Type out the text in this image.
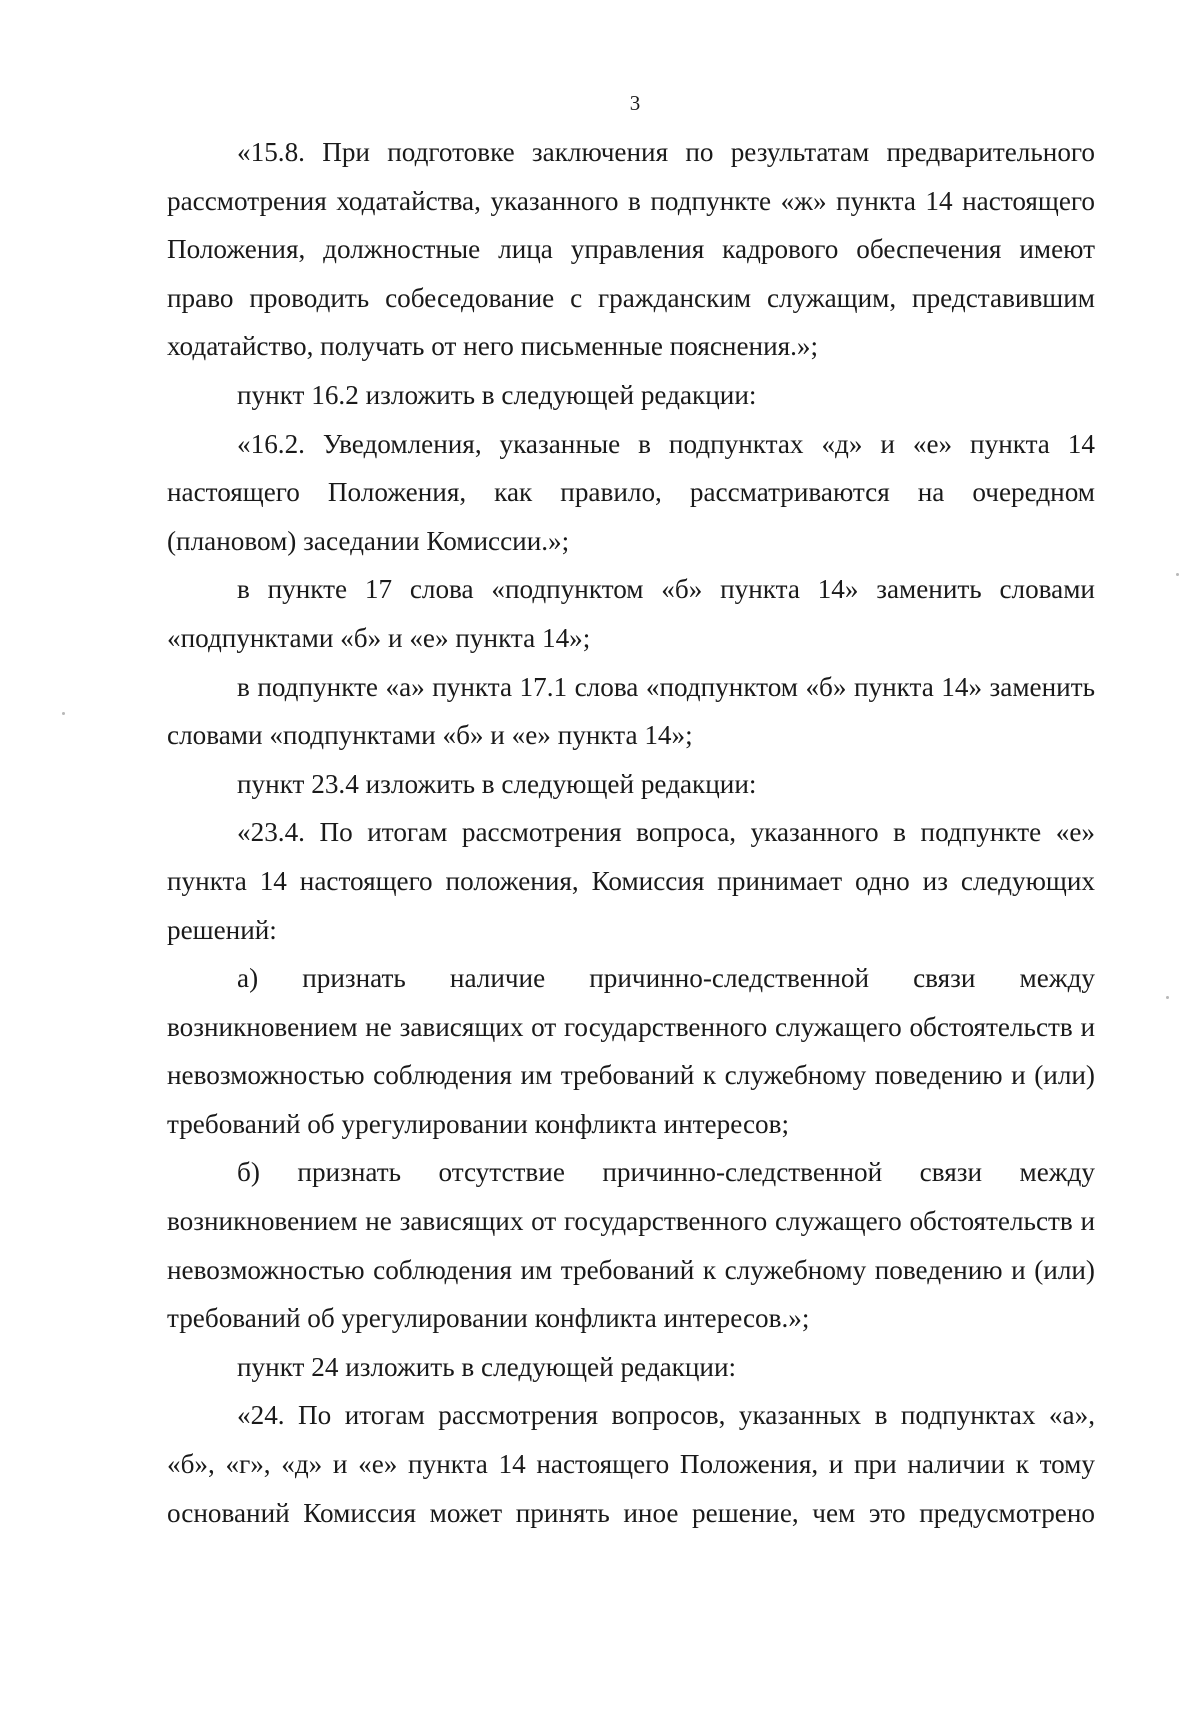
3

«15.8. При подготовке заключения по результатам предварительного рассмотрения ходатайства, указанного в подпункте «ж» пункта 14 настоящего Положения, должностные лица управления кадрового обеспечения имеют право проводить собеседование с гражданским служащим, представившим ходатайство, получать от него письменные пояснения.»;

пункт 16.2 изложить в следующей редакции:

«16.2. Уведомления, указанные в подпунктах «д» и «е» пункта 14 настоящего Положения, как правило, рассматриваются на очередном (плановом) заседании Комиссии.»;

в пункте 17 слова «подпунктом «б» пункта 14» заменить словами «подпунктами «б» и «е» пункта 14»;

в подпункте «а» пункта 17.1 слова «подпунктом «б» пункта 14» заменить словами «подпунктами «б» и «е» пункта 14»;

пункт 23.4 изложить в следующей редакции:

«23.4. По итогам рассмотрения вопроса, указанного в подпункте «е» пункта 14 настоящего положения, Комиссия принимает одно из следующих решений:

а) признать наличие причинно-следственной связи между возникновением не зависящих от государственного служащего обстоятельств и невозможностью соблюдения им требований к служебному поведению и (или) требований об урегулировании конфликта интересов;

б) признать отсутствие причинно-следственной связи между возникновением не зависящих от государственного служащего обстоятельств и невозможностью соблюдения им требований к служебному поведению и (или) требований об урегулировании конфликта интересов.»;

пункт 24 изложить в следующей редакции:

«24. По итогам рассмотрения вопросов, указанных в подпунктах «а», «б», «г», «д» и «е» пункта 14 настоящего Положения, и при наличии к тому оснований Комиссия может принять иное решение, чем это предусмотрено
